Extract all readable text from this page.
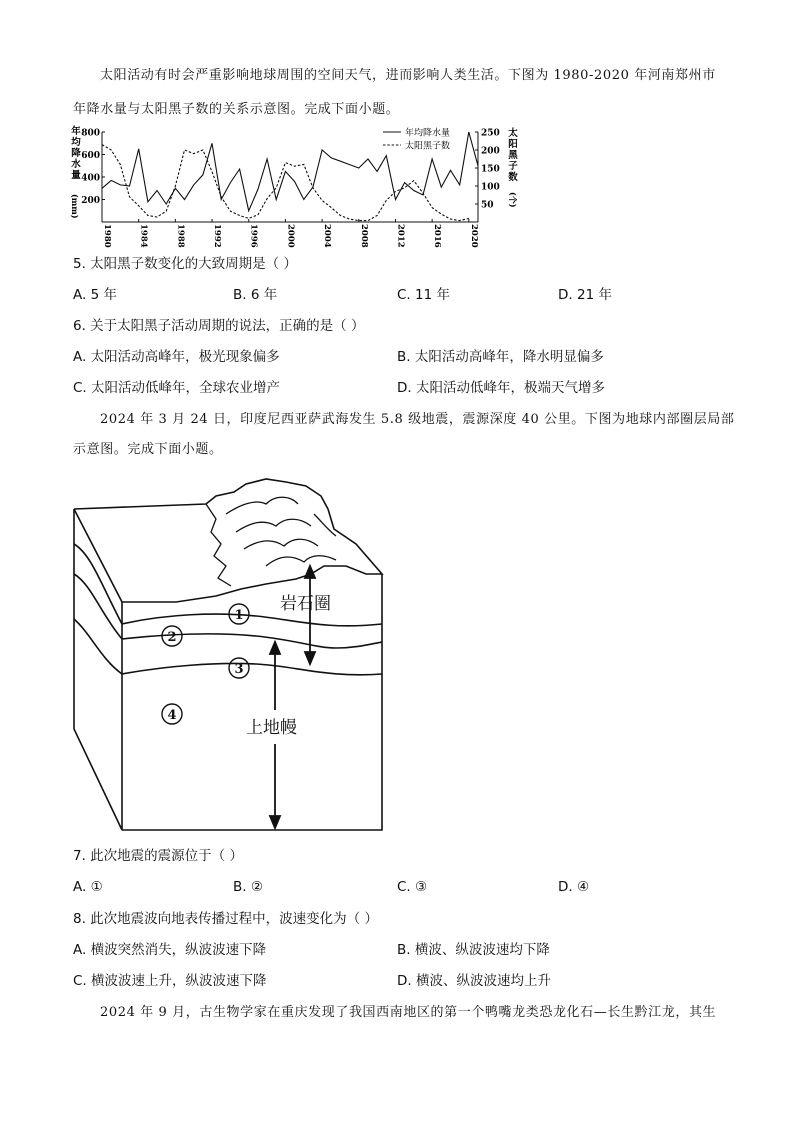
太阳活动有时会严重影响地球周围的空间天气，进而影响人类生活。下图为 1980-2020 年河南郑州市
年降水量与太阳黑子数的关系示意图。完成下面小题。
800
600
400
200
250
200
150
100
50
1980	1984	1988	1992	1996	2000	2004	2008	2012	2016	2020
年
均
降
水
量
(mm)
太
阳
黑
子
数
(个)
年均降水量
太阳黑子数
5. 太阳黑子数变化的大致周期是（ ）
A. 5 年	B. 6 年	C. 11 年	D. 21 年
6. 关于太阳黑子活动周期的说法，正确的是（ ）
A. 太阳活动高峰年，极光现象偏多	B. 太阳活动高峰年，降水明显偏多
C. 太阳活动低峰年，全球农业增产	D. 太阳活动低峰年，极端天气增多
2024 年 3 月 24 日，印度尼西亚萨武海发生 5.8 级地震，震源深度 40 公里。下图为地球内部圈层局部
示意图。完成下面小题。
1
2
3
4
岩石圈
上地幔
7. 此次地震的震源位于（ ）
A. ①	B. ②	C. ③	D. ④
8. 此次地震波向地表传播过程中，波速变化为（ ）
A. 横波突然消失，纵波波速下降	B. 横波、纵波波速均下降
C. 横波波速上升，纵波波速下降	D. 横波、纵波波速均上升
2024 年 9 月，古生物学家在重庆发现了我国西南地区的第一个鸭嘴龙类恐龙化石—长生黔江龙，其生
